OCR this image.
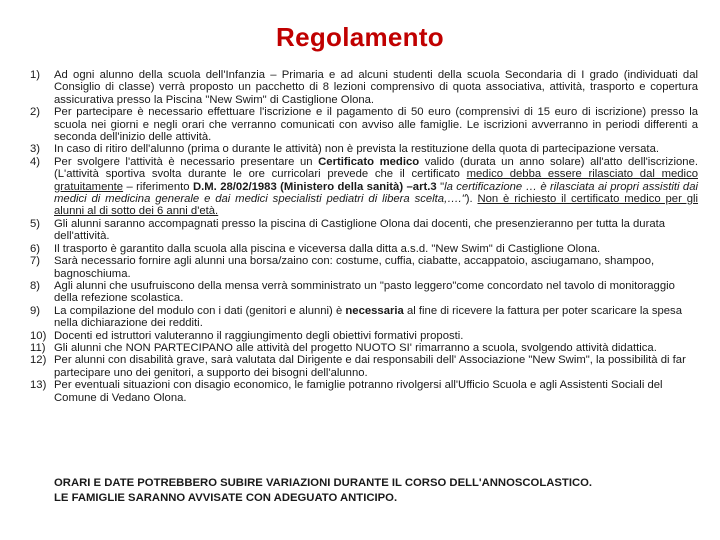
Regolamento
1)	Ad ogni alunno della scuola dell'Infanzia – Primaria e ad alcuni studenti della scuola Secondaria di I grado (individuati dal Consiglio di classe) verrà proposto un pacchetto di 8 lezioni comprensivo di quota associativa, attività, trasporto e copertura assicurativa presso la Piscina "New Swim" di Castiglione Olona.
2)	Per partecipare è necessario effettuare l'iscrizione e il pagamento di 50 euro (comprensivi di 15 euro di iscrizione) presso la scuola nei giorni e negli orari che verranno comunicati con avviso alle famiglie. Le iscrizioni avverranno in periodi differenti a seconda dell'inizio delle attività.
3)	In caso di ritiro dell'alunno (prima o durante le attività) non è prevista la restituzione della quota di partecipazione versata.
4)	Per svolgere l'attività è necessario presentare un Certificato medico valido (durata un anno solare) all'atto dell'iscrizione. (L'attività sportiva svolta durante le ore curricolari prevede che il certificato medico debba essere rilasciato dal medico gratuitamente – riferimento D.M. 28/02/1983 (Ministero della sanità) –art.3 "la certificazione … è rilasciata ai propri assistiti dai medici di medicina generale e dai medici specialisti pediatri di libera scelta,…."). Non è richiesto il certificato medico per gli alunni al di sotto dei 6 anni d'età.
5)	Gli alunni saranno accompagnati presso la piscina di Castiglione Olona dai docenti, che presenzieranno per tutta la durata dell'attività.
6)	Il trasporto è garantito dalla scuola alla piscina e viceversa dalla ditta a.s.d. "New Swim" di Castiglione Olona.
7)	Sarà necessario fornire agli alunni una borsa/zaino con: costume, cuffia, ciabatte, accappatoio, asciugamano, shampoo, bagnoschiuma.
8)	Agli alunni che usufruiscono della mensa verrà somministrato un "pasto leggero"come concordato nel tavolo di monitoraggio della refezione scolastica.
9)	La compilazione del modulo con i dati (genitori e alunni) è necessaria al fine di ricevere la fattura per poter scaricare la spesa nella dichiarazione dei redditi.
10) Docenti ed istruttori valuteranno il raggiungimento degli obiettivi formativi proposti.
11) Gli alunni che NON PARTECIPANO alle attività del progetto NUOTO SI' rimarranno a scuola, svolgendo attività didattica.
12) Per alunni con disabilità grave, sarà valutata dal Dirigente e dai responsabili dell' Associazione "New Swim", la possibilità di far partecipare uno dei genitori, a supporto dei bisogni dell'alunno.
13) Per eventuali situazioni con disagio economico, le famiglie potranno rivolgersi all'Ufficio Scuola e agli Assistenti Sociali del Comune di Vedano Olona.
ORARI E DATE POTREBBERO SUBIRE VARIAZIONI DURANTE IL CORSO DELL'ANNOSCOLASTICO.
LE FAMIGLIE SARANNO AVVISATE CON ADEGUATO ANTICIPO.
